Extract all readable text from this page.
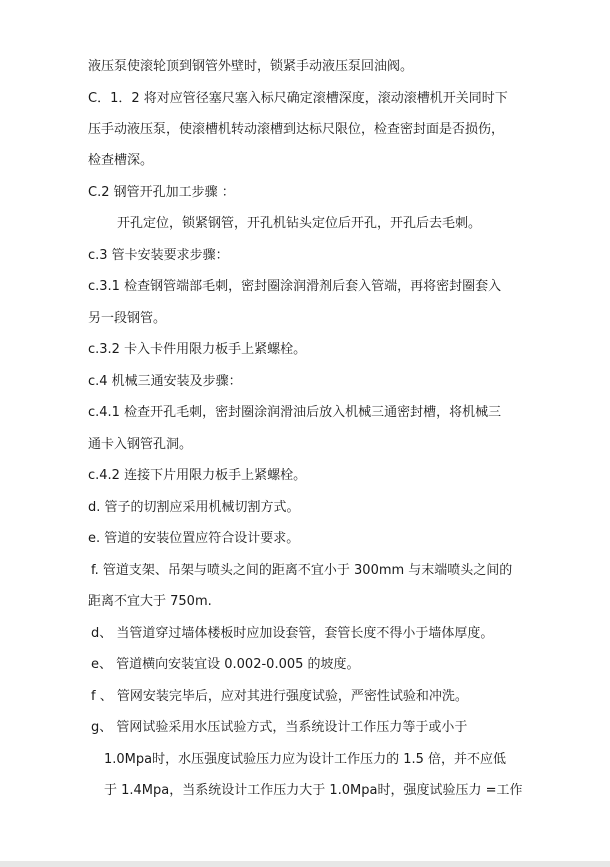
液压泵使滚轮顶到钢管外壁时，锁紧手动液压泵回油阀。
C．1．2 将对应管径塞尺塞入标尺确定滚槽深度，滚动滚槽机开关同时下
压手动液压泵，使滚槽机转动滚槽到达标尺限位，检查密封面是否损伤，
检查槽深。
C.2 钢管开孔加工步骤 ：
开孔定位，锁紧钢管，开孔机钻头定位后开孔，开孔后去毛刺。
c.3 管卡安装要求步骤：
c.3.1 检查钢管端部毛刺，密封圈涂润滑剂后套入管端，再将密封圈套入
另一段钢管。
c.3.2 卡入卡件用限力板手上紧螺栓。
c.4 机械三通安装及步骤：
c.4.1 检查开孔毛刺，密封圈涂润滑油后放入机械三通密封槽，将机械三
通卡入钢管孔洞。
c.4.2 连接下片用限力板手上紧螺栓。
d. 管子的切割应采用机械切割方式。
e. 管道的安装位置应符合设计要求。
f. 管道支架、吊架与喷头之间的距离不宜小于 300mm 与末端喷头之间的
距离不宜大于 750m.
d、 当管道穿过墙体楼板时应加设套管，套管长度不得小于墙体厚度。
e、 管道横向安装宜设 0.002-0.005 的坡度。
f 、 管网安装完毕后，应对其进行强度试验，严密性试验和冲洗。
g、 管网试验采用水压试验方式，当系统设计工作压力等于或小于
1.0Mpa时，水压强度试验压力应为设计工作压力的 1.5 倍，并不应低
于 1.4Mpa，当系统设计工作压力大于 1.0Mpa时，强度试验压力 =工作
